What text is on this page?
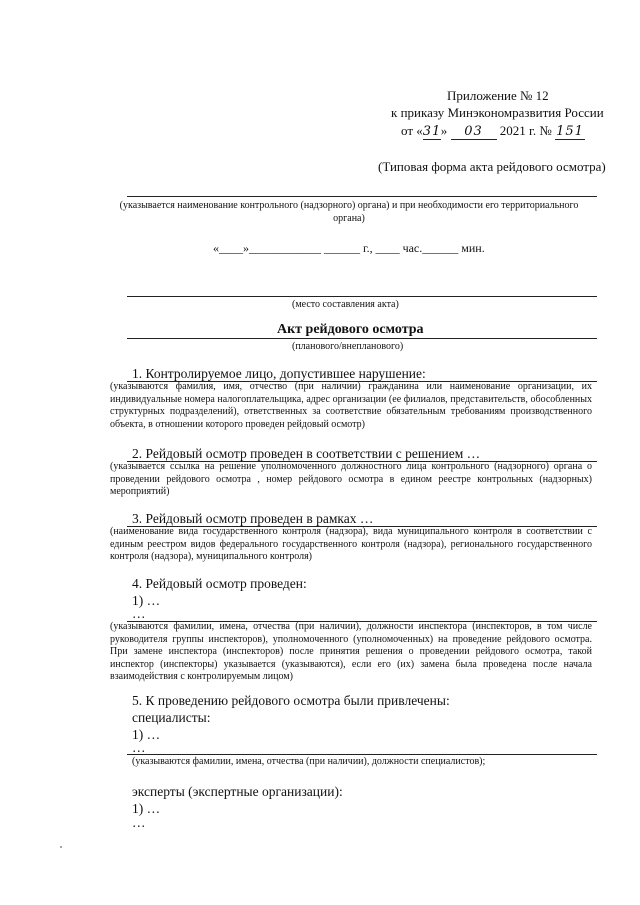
Приложение № 12
к приказу Минэкономразвития России
от «31» 03 2021 г. № 151
(Типовая форма акта рейдового осмотра)
(указывается наименование контрольного (надзорного) органа) и при необходимости его территориального органа)
«____»____________ ______ г., ____ час.______ мин.
(место составления акта)
Акт рейдового осмотра
(планового/внепланового)
1. Контролируемое лицо, допустившее нарушение:
(указываются фамилия, имя, отчество (при наличии) гражданина или наименование организации, их индивидуальные номера налогоплательщика, адрес организации (ее филиалов, представительств, обособленных структурных подразделений), ответственных за соответствие обязательным требованиям производственного объекта, в отношении которого проведен рейдовый осмотр)
2. Рейдовый осмотр проведен в соответствии с решением …
(указывается ссылка на решение уполномоченного должностного лица контрольного (надзорного) органа о проведении рейдового осмотра , номер рейдового осмотра в едином реестре контрольных (надзорных) мероприятий)
3. Рейдовый осмотр проведен в рамках …
(наименование вида государственного контроля (надзора), вида муниципального контроля в соответствии с единым реестром видов федерального государственного контроля (надзора), регионального государственного контроля (надзора), муниципального контроля)
4. Рейдовый осмотр проведен:
1) …
…
(указываются фамилии, имена, отчества (при наличии), должности инспектора (инспекторов, в том числе руководителя группы инспекторов), уполномоченного (уполномоченных) на проведение рейдового осмотра. При замене инспектора (инспекторов) после принятия решения о проведении рейдового осмотра, такой инспектор (инспекторы) указывается (указываются), если его (их) замена была проведена после начала взаимодействия с контролируемым лицом)
5. К проведению рейдового осмотра были привлечены:
специалисты:
1) …
…
(указываются фамилии, имена, отчества (при наличии), должности специалистов);
эксперты (экспертные организации):
1) …
…
